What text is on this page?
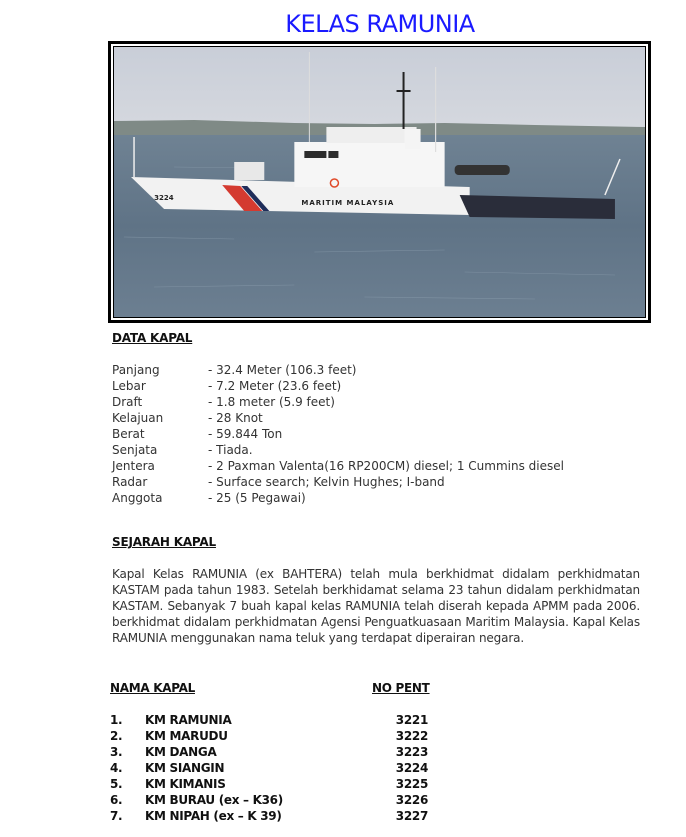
KELAS RAMUNIA
3224
MARITIM MALAYSIA
DATA KAPAL
Panjang	- 32.4 Meter (106.3 feet)
Lebar	- 7.2 Meter (23.6 feet)
Draft	- 1.8 meter (5.9 feet)
Kelajuan	- 28 Knot
Berat	- 59.844 Ton
Senjata	- Tiada.
Jentera	- 2 Paxman Valenta(16 RP200CM) diesel; 1 Cummins diesel
Radar	- Surface search; Kelvin Hughes; I-band
Anggota	- 25 (5 Pegawai)
SEJARAH KAPAL
Kapal Kelas RAMUNIA (ex BAHTERA) telah mula berkhidmat didalam perkhidmatan KASTAM pada tahun 1983. Setelah berkhidamat selama 23 tahun didalam perkhidmatan KASTAM. Sebanyak 7 buah kapal kelas RAMUNIA telah diserah kepada APMM pada 2006. berkhidmat didalam perkhidmatan Agensi Penguatkuasaan Maritim Malaysia. Kapal Kelas RAMUNIA menggunakan nama teluk yang terdapat diperairan negara.
NAMA KAPAL	NO PENT
1. KM RAMUNIA	3221
2. KM MARUDU	3222
3. KM DANGA	3223
4. KM SIANGIN	3224
5. KM KIMANIS	3225
6. KM BURAU (ex – K36)	3226
7. KM NIPAH (ex – K 39)	3227
